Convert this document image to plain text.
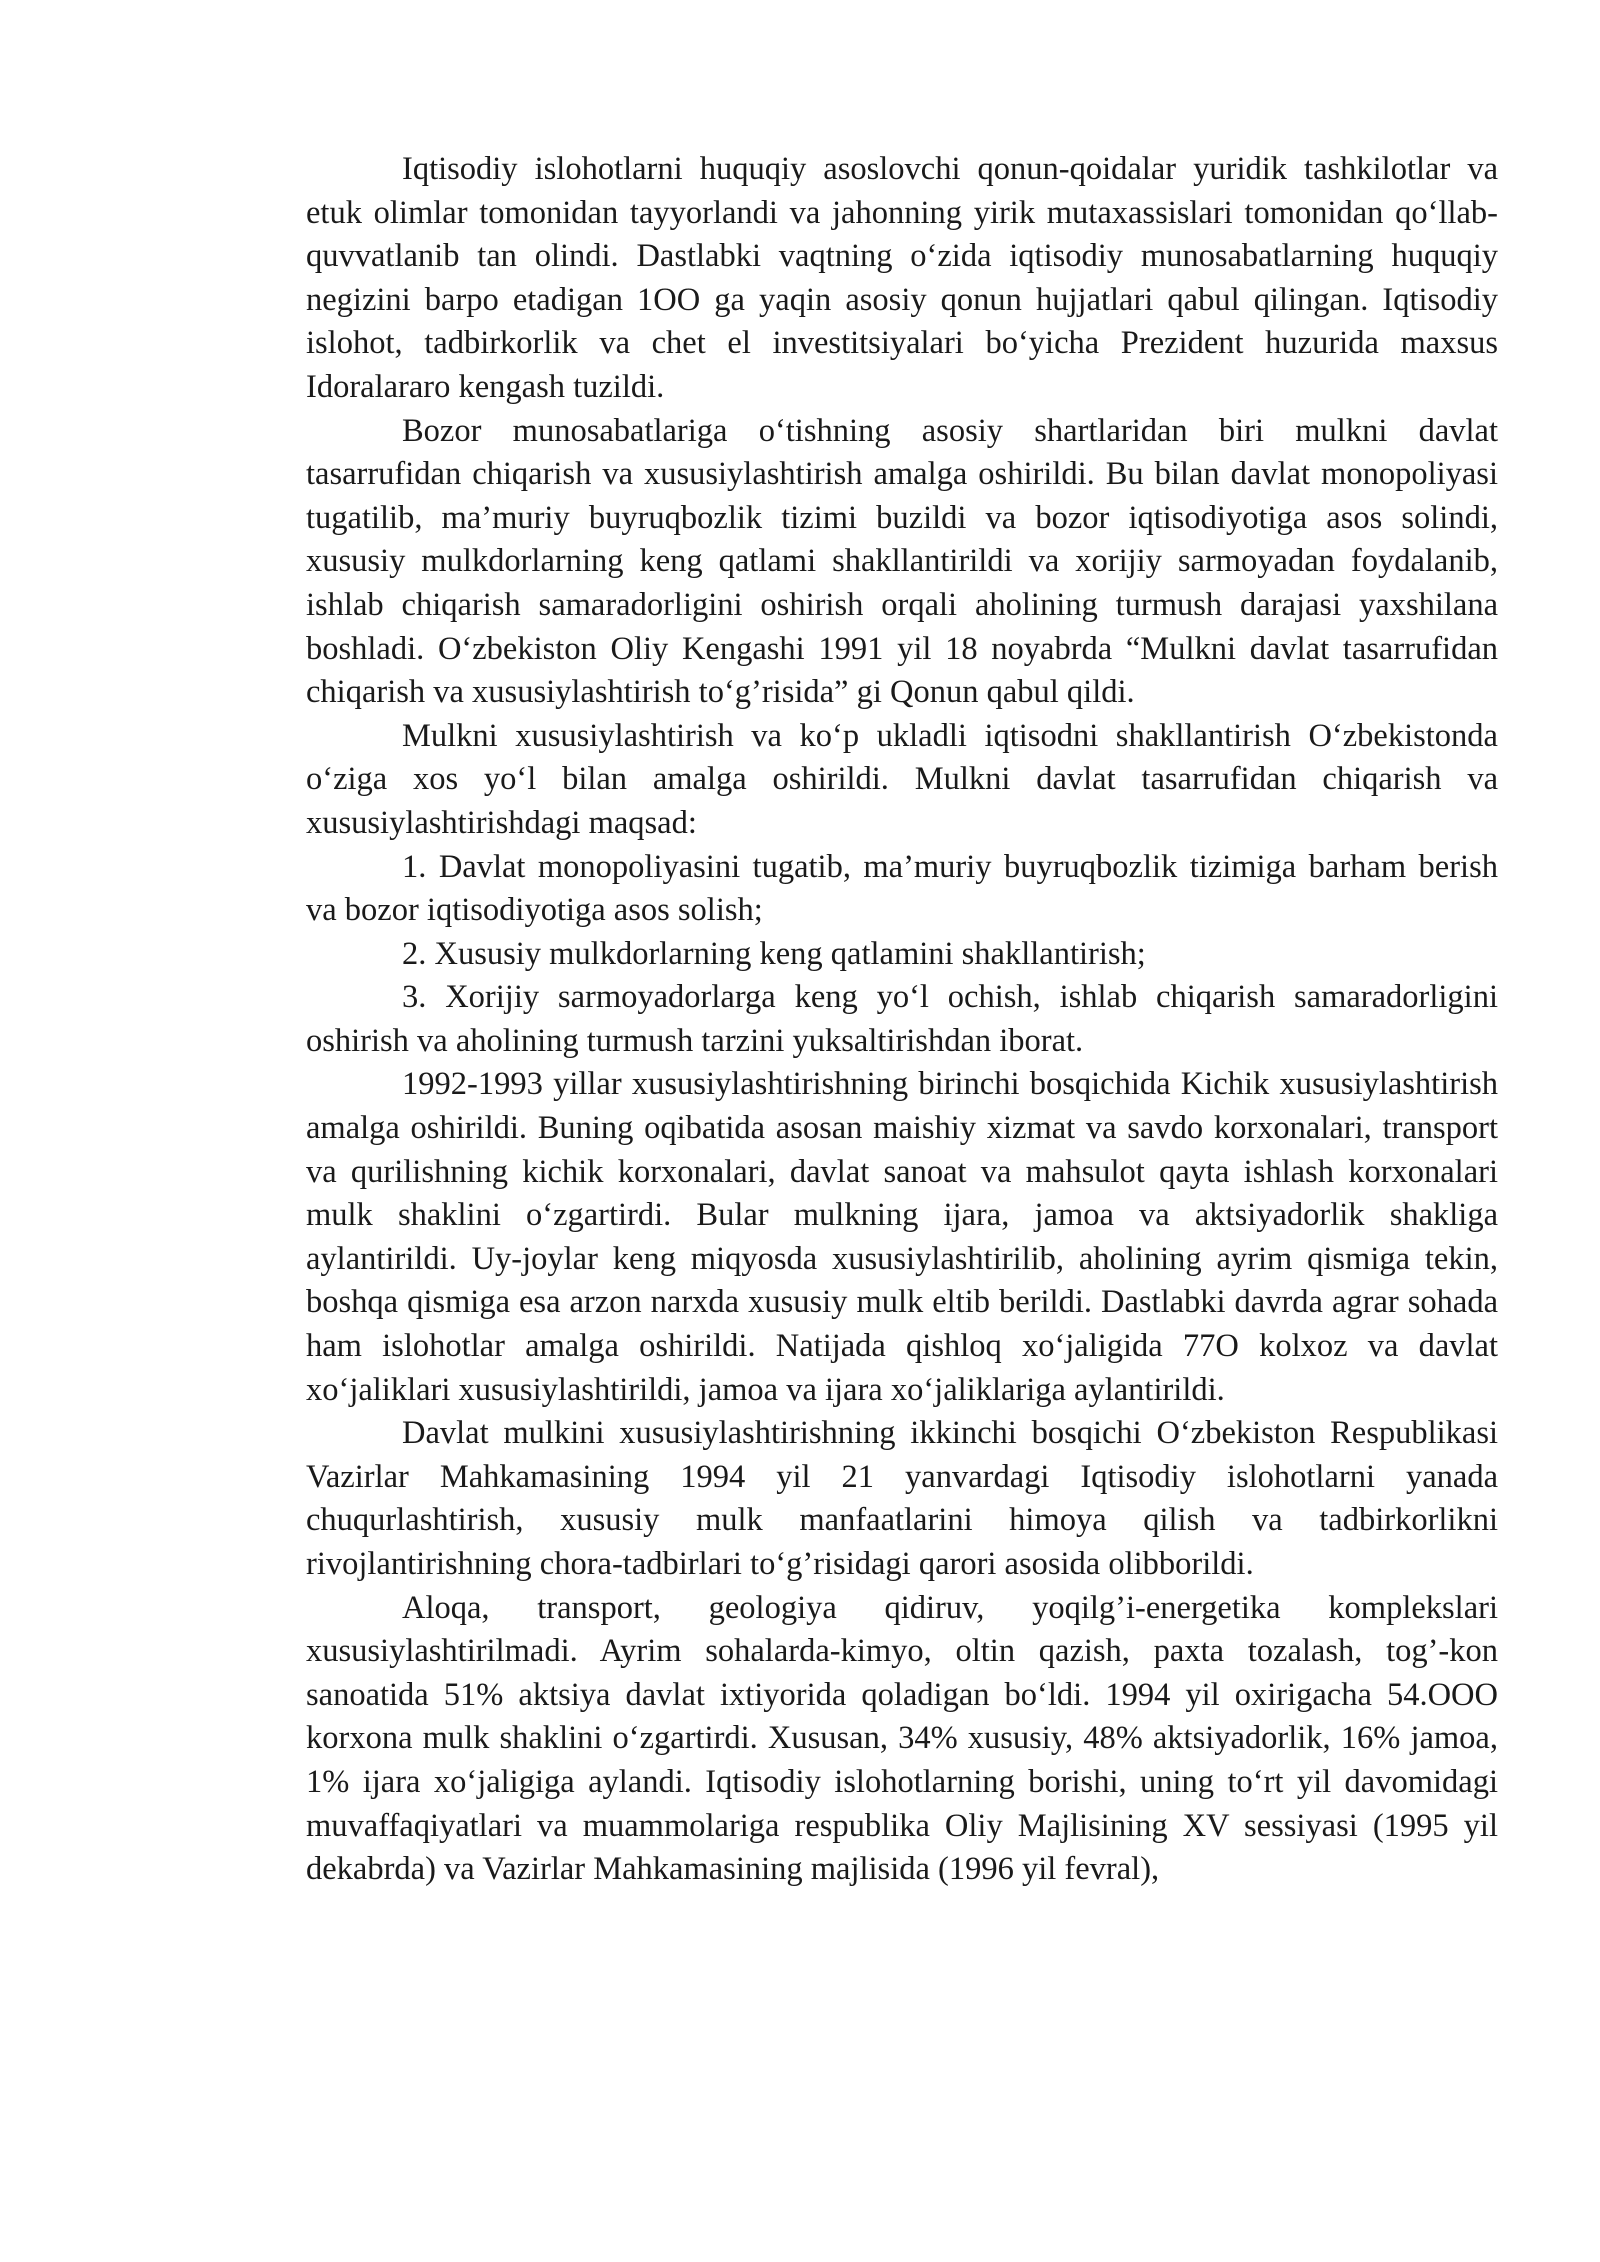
Iqtisodiy islohotlarni huquqiy asoslovchi qonun-qoidalar yuridik tashkilotlar va etuk olimlar tomonidan tayyorlandi va jahonning yirik mutaxassislari tomonidan qo‘llab-quvvatlanib tan olindi. Dastlabki vaqtning o‘zida iqtisodiy munosabatlarning huquqiy negizini barpo etadigan 1OO ga yaqin asosiy qonun hujjatlari qabul qilingan. Iqtisodiy islohot, tadbirkorlik va chet el investitsiyalari bo‘yicha Prezident huzurida maxsus Idoralararo kengash tuzildi.

Bozor munosabatlariga o‘tishning asosiy shartlaridan biri mulkni davlat tasarrufidan chiqarish va xususiylashtirish amalga oshirildi. Bu bilan davlat monopoliyasi tugatilib, ma’muriy buyruqbozlik tizimi buzildi va bozor iqtisodiyotiga asos solindi, xususiy mulkdorlarning keng qatlami shakllantirildi va xorijiy sarmoyadan foydalanib, ishlab chiqarish samaradorligini oshirish orqali aholining turmush darajasi yaxshilana boshladi. O‘zbekiston Oliy Kengashi 1991 yil 18 noyabrda “Mulkni davlat tasarrufidan chiqarish va xususiylashtirish to‘g’risida” gi Qonun qabul qildi.

Mulkni xususiylashtirish va ko‘p ukladli iqtisodni shakllantirish O‘zbekistonda o‘ziga xos yo‘l bilan amalga oshirildi. Mulkni davlat tasarrufidan chiqarish va xususiylashtirishdagi maqsad:

1. Davlat monopoliyasini tugatib, ma’muriy buyruqbozlik tizimiga barham berish va bozor iqtisodiyotiga asos solish;

2. Xususiy mulkdorlarning keng qatlamini shakllantirish;

3. Xorijiy sarmoyadorlarga keng yo‘l ochish, ishlab chiqarish samaradorligini oshirish va aholining turmush tarzini yuksaltirishdan iborat.

1992-1993 yillar xususiylashtirishning birinchi bosqichida Kichik xususiylashtirish amalga oshirildi. Buning oqibatida asosan maishiy xizmat va savdo korxonalari, transport va qurilishning kichik korxonalari, davlat sanoat va mahsulot qayta ishlash korxonalari mulk shaklini o‘zgartirdi. Bular mulkning ijara, jamoa va aktsiyadorlik shakliga aylantirildi. Uy-joylar keng miqyosda xususiylashtirilib, aholining ayrim qismiga tekin, boshqa qismiga esa arzon narxda xususiy mulk eltib berildi. Dastlabki davrda agrar sohada ham islohotlar amalga oshirildi. Natijada qishloq xo‘jaligida 77O kolxoz va davlat xo‘jaliklari xususiylashtirildi, jamoa va ijara xo‘jaliklariga aylantirildi.

Davlat mulkini xususiylashtirishning ikkinchi bosqichi O‘zbekiston Respublikasi Vazirlar Mahkamasining 1994 yil 21 yanvardagi Iqtisodiy islohotlarni yanada chuqurlashtirish, xususiy mulk manfaatlarini himoya qilish va tadbirkorlikni rivojlantirishning chora-tadbirlari to‘g’risidagi qarori asosida olibborildi.

Aloqa, transport, geologiya qidiruv, yoqilg’i-energetika komplekslari xususiylashtirilmadi. Ayrim sohalarda-kimyo, oltin qazish, paxta tozalash, tog’-kon sanoatida 51% aktsiya davlat ixtiyorida qoladigan bo‘ldi. 1994 yil oxirigacha 54.OOO korxona mulk shaklini o‘zgartirdi. Xususan, 34% xususiy, 48% aktsiyadorlik, 16% jamoa, 1% ijara xo‘jaligiga aylandi. Iqtisodiy islohotlarning borishi, uning to‘rt yil davomidagi muvaffaqiyatlari va muammolariga respublika Oliy Majlisining XV sessiyasi (1995 yil dekabrda) va Vazirlar Mahkamasining majlisida (1996 yil fevral),
